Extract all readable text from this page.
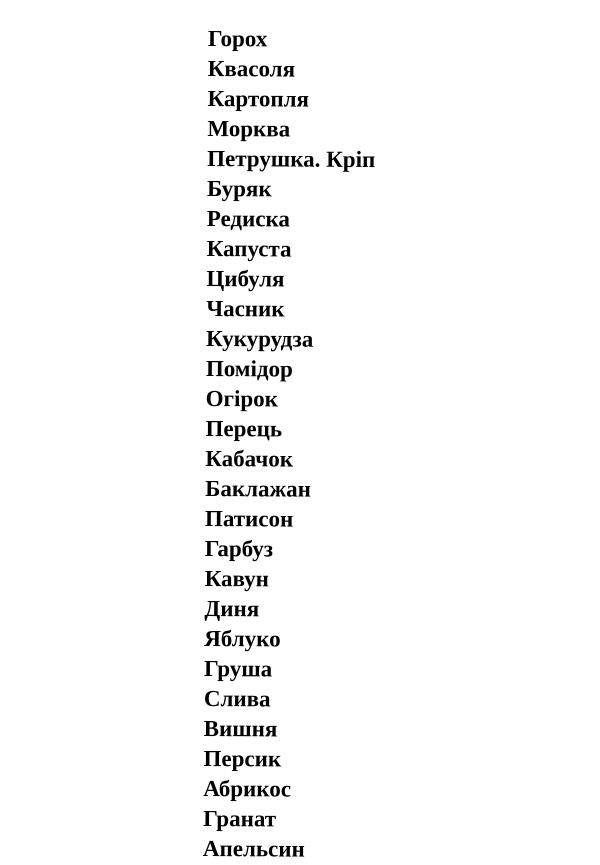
Горох
Квасоля
Картопля
Морква
Петрушка. Кріп
Буряк
Редиска
Капуста
Цибуля
Часник
Кукурудза
Помідор
Огірок
Перець
Кабачок
Баклажан
Патисон
Гарбуз
Кавун
Диня
Яблуко
Груша
Слива
Вишня
Персик
Абрикос
Гранат
Апельсин
